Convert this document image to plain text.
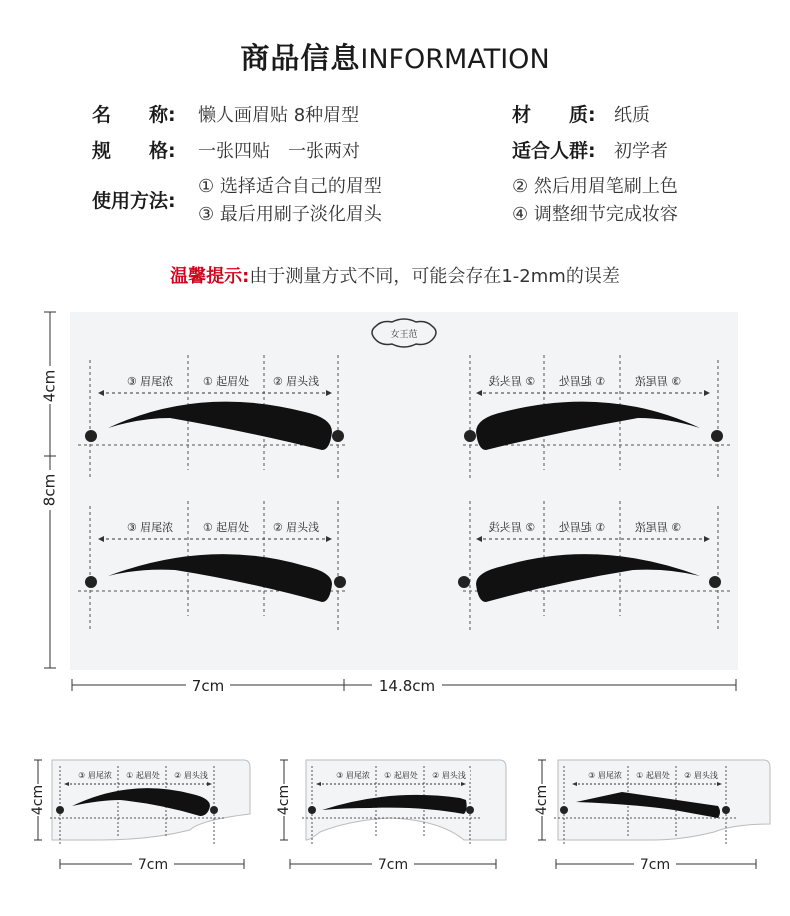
商品信息INFORMATION
名　　称: 懒人画眉贴 8种眉型	材　　质: 纸质
规　　格: 一张四贴　一张两对	适合人群: 初学者
使用方法:
① 选择适合自己的眉型
③ 最后用刷子淡化眉头
② 然后用眉笔刷上色
④ 调整细节完成妆容
温馨提示:由于测量方式不同，可能会存在1-2mm的误差
女王范
4cm
8cm
③ 眉尾浓	① 起眉处 ② 眉头浅
③ 眉尾浓	① 起眉处 ② 眉头浅
③ 眉尾浓
① 起眉处
② 眉头浅
③ 眉尾浓
① 起眉处
② 眉头浅
7cm	14.8cm
③ 眉尾浓 ① 起眉处 ② 眉头浅
4cm
7cm
③ 眉尾浓 ① 起眉处 ② 眉头浅
4cm
7cm
③ 眉尾浓 ① 起眉处 ② 眉头浅
4cm
7cm
